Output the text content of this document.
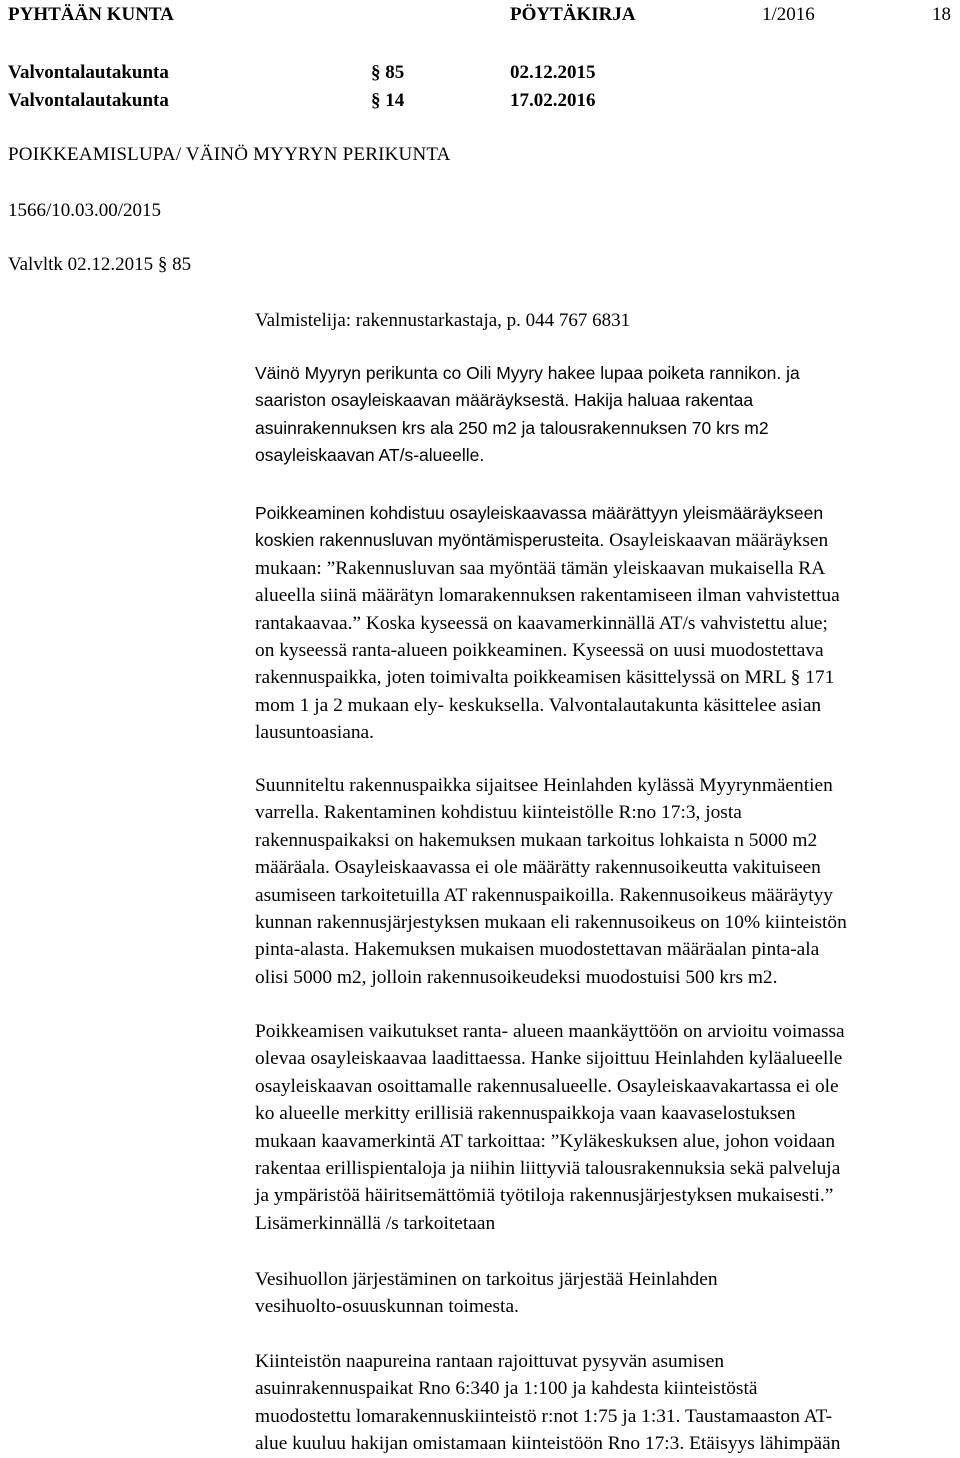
PYHTÄÄN KUNTA	PÖYTÄKIRJA	1/2016	18
Valvontalautakunta	§ 85	02.12.2015
Valvontalautakunta	§ 14	17.02.2016
POIKKEAMISLUPA/ VÄINÖ MYYRYN PERIKUNTA
1566/10.03.00/2015
Valvltk 02.12.2015 § 85
Valmistelija: rakennustarkastaja, p. 044 767 6831
Väinö Myyryn perikunta co Oili Myyry hakee lupaa poiketa rannikon. ja
saariston osayleiskaavan määräyksestä. Hakija haluaa rakentaa
asuinrakennuksen krs ala 250 m2 ja talousrakennuksen 70 krs m2
osayleiskaavan AT/s-alueelle.
Poikkeaminen kohdistuu osayleiskaavassa määrättyyn yleismääräykseen
koskien rakennusluvan myöntämisperusteita. Osayleiskaavan määräyksen
mukaan: ”Rakennusluvan saa myöntää tämän yleiskaavan mukaisella RA
alueella siinä määrätyn lomarakennuksen rakentamiseen ilman vahvistettua
rantakaavaa.” Koska kyseessä on kaavamerkinnällä AT/s vahvistettu alue;
on kyseessä ranta-alueen poikkeaminen. Kyseessä on uusi muodostettava
rakennuspaikka, joten toimivalta poikkeamisen käsittelyssä on MRL § 171
mom 1 ja 2 mukaan ely- keskuksella. Valvontalautakunta käsittelee asian
lausuntoasiana.
Suunniteltu rakennuspaikka sijaitsee Heinlahden kylässä Myyrynmäentien
varrella. Rakentaminen kohdistuu kiinteistölle R:no 17:3, josta
rakennuspaikaksi on hakemuksen mukaan tarkoitus lohkaista n 5000 m2
määräala. Osayleiskaavassa ei ole määrätty rakennusoikeutta vakituiseen
asumiseen tarkoitetuilla AT rakennuspaikoilla. Rakennusoikeus määräytyy
kunnan rakennusjärjestyksen mukaan eli rakennusoikeus on 10% kiinteistön
pinta-alasta. Hakemuksen mukaisen muodostettavan määräalan pinta-ala
olisi 5000 m2, jolloin rakennusoikeudeksi muodostuisi 500 krs m2.
Poikkeamisen vaikutukset ranta- alueen maankäyttöön on arvioitu voimassa
olevaa osayleiskaavaa laadittaessa. Hanke sijoittuu Heinlahden kyläalueelle
osayleiskaavan osoittamalle rakennusalueelle. Osayleiskaavakartassa ei ole
ko alueelle merkitty erillisiä rakennuspaikkoja vaan kaavaselostuksen
mukaan kaavamerkintä AT tarkoittaa: ”Kyläkeskuksen alue, johon voidaan
rakentaa erillispientaloja ja niihin liittyviä talousrakennuksia sekä palveluja
ja ympäristöä häiritsemättömiä työtiloja rakennusjärjestyksen mukaisesti.”
Lisämerkinnällä /s tarkoitetaan
Vesihuollon järjestäminen on tarkoitus järjestää Heinlahden
vesihuolto-osuuskunnan toimesta.
Kiinteistön naapureina rantaan rajoittuvat pysyvän asumisen
asuinrakennuspaikat Rno 6:340 ja 1:100 ja kahdesta kiinteistöstä
muodostettu lomarakennuskiinteistö r:not 1:75 ja 1:31. Taustamaaston AT-
alue kuuluu hakijan omistamaan kiinteistöön Rno 17:3. Etäisyys lähimpään
